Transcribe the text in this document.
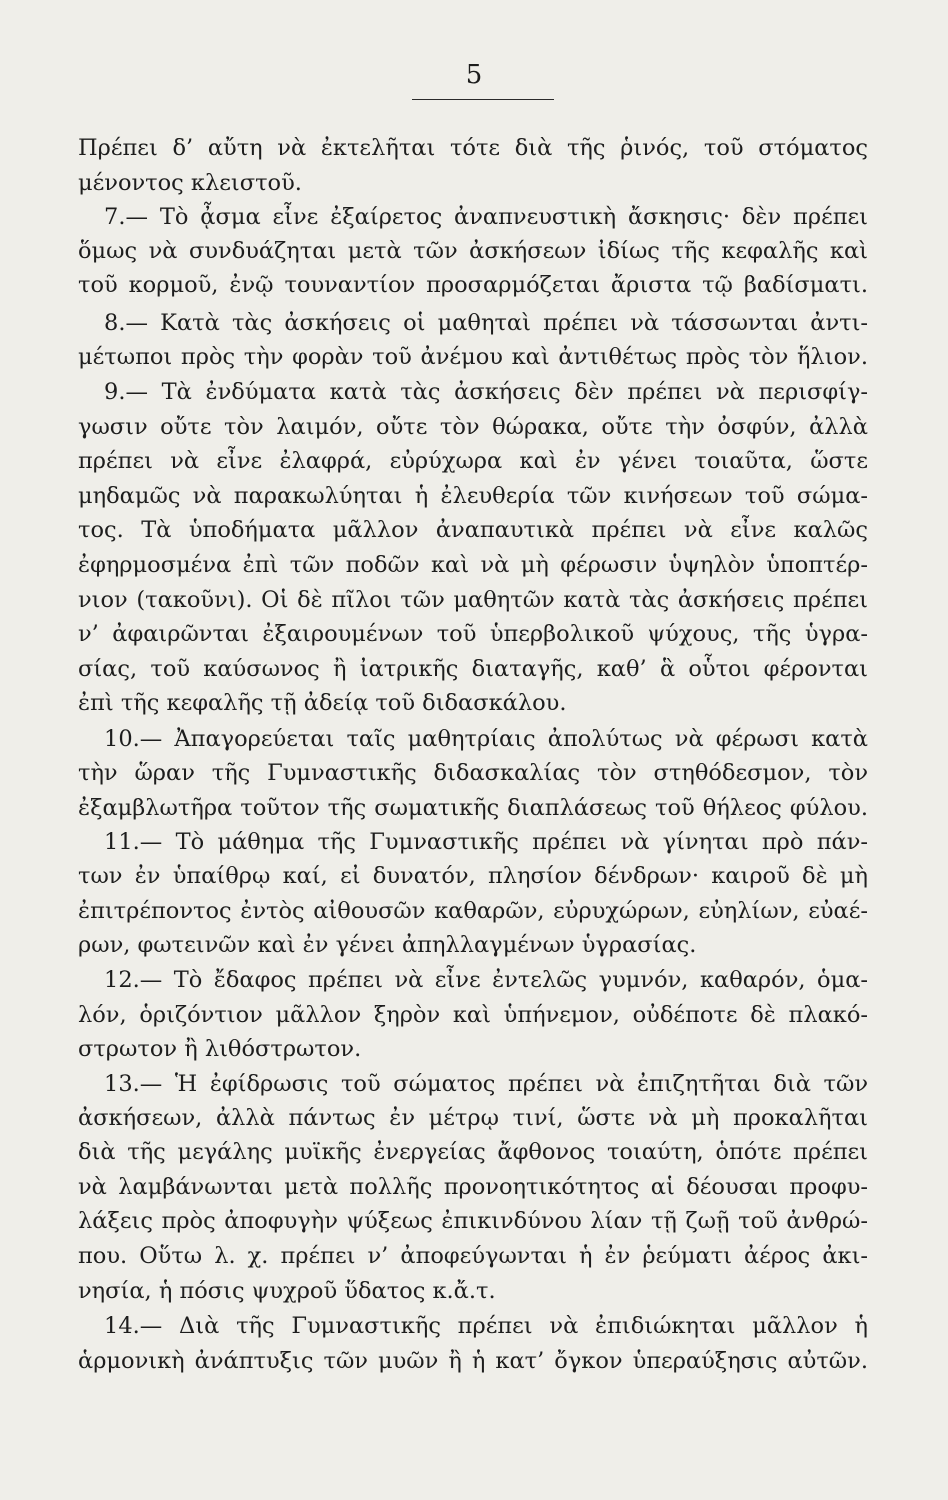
5
Πρέπει δ’ αὔτη νὰ ἐκτελῆται τότε διὰ τῆς ῥινός, τοῦ στόματος
μένοντος κλειστοῦ.
7.— Τὸ ᾆσμα εἶνε ἐξαίρετος ἀναπνευστικὴ ἄσκησις· δὲν πρέπει
ὅμως νὰ συνδυάζηται μετὰ τῶν ἀσκήσεων ἰδίως τῆς κεφαλῆς καὶ
τοῦ κορμοῦ, ἐνῷ τουναντίον προσαρμόζεται ἄριστα τῷ βαδίσματι.
8.— Κατὰ τὰς ἀσκήσεις οἱ μαθηταὶ πρέπει νὰ τάσσωνται ἀντι-
μέτωποι πρὸς τὴν φορὰν τοῦ ἀνέμου καὶ ἀντιθέτως πρὸς τὸν ἥλιον.
9.— Τὰ ἐνδύματα κατὰ τὰς ἀσκήσεις δὲν πρέπει νὰ περισφίγ-
γωσιν οὔτε τὸν λαιμόν, οὔτε τὸν θώρακα, οὔτε τὴν ὀσφύν, ἀλλὰ
πρέπει νὰ εἶνε ἐλαφρά, εὐρύχωρα καὶ ἐν γένει τοιαῦτα, ὥστε
μηδαμῶς νὰ παρακωλύηται ἡ ἐλευθερία τῶν κινήσεων τοῦ σώμα-
τος. Τὰ ὑποδήματα μᾶλλον ἀναπαυτικὰ πρέπει νὰ εἶνε καλῶς
ἐφηρμοσμένα ἐπὶ τῶν ποδῶν καὶ νὰ μὴ φέρωσιν ὑψηλὸν ὑποπτέρ-
νιον (τακοῦνι). Οἱ δὲ πῖλοι τῶν μαθητῶν κατὰ τὰς ἀσκήσεις πρέπει
ν’ ἀφαιρῶνται ἐξαιρουμένων τοῦ ὑπερβολικοῦ ψύχους, τῆς ὑγρα-
σίας, τοῦ καύσωνος ἢ ἰατρικῆς διαταγῆς, καθ’ ἃ οὗτοι φέρονται
ἐπὶ τῆς κεφαλῆς τῇ ἀδείᾳ τοῦ διδασκάλου.
10.— Ἀπαγορεύεται ταῖς μαθητρίαις ἀπολύτως νὰ φέρωσι κατὰ
τὴν ὥραν τῆς Γυμναστικῆς διδασκαλίας τὸν στηθόδεσμον, τὸν
ἐξαμβλωτῆρα τοῦτον τῆς σωματικῆς διαπλάσεως τοῦ θήλεος φύλου.
11.— Τὸ μάθημα τῆς Γυμναστικῆς πρέπει νὰ γίνηται πρὸ πάν-
των ἐν ὑπαίθρῳ καί, εἰ δυνατόν, πλησίον δένδρων· καιροῦ δὲ μὴ
ἐπιτρέποντος ἐντὸς αἰθουσῶν καθαρῶν, εὐρυχώρων, εὐηλίων, εὐαέ-
ρων, φωτεινῶν καὶ ἐν γένει ἀπηλλαγμένων ὑγρασίας.
12.— Τὸ ἔδαφος πρέπει νὰ εἶνε ἐντελῶς γυμνόν, καθαρόν, ὁμα-
λόν, ὁριζόντιον μᾶλλον ξηρὸν καὶ ὑπήνεμον, οὐδέποτε δὲ πλακό-
στρωτον ἢ λιθόστρωτον.
13.— Ἡ ἐφίδρωσις τοῦ σώματος πρέπει νὰ ἐπιζητῆται διὰ τῶν
ἀσκήσεων, ἀλλὰ πάντως ἐν μέτρῳ τινί, ὥστε νὰ μὴ προκαλῆται
διὰ τῆς μεγάλης μυϊκῆς ἐνεργείας ἄφθονος τοιαύτη, ὁπότε πρέπει
νὰ λαμβάνωνται μετὰ πολλῆς προνοητικότητος αἱ δέουσαι προφυ-
λάξεις πρὸς ἀποφυγὴν ψύξεως ἐπικινδύνου λίαν τῇ ζωῇ τοῦ ἀνθρώ-
που. Οὕτω λ. χ. πρέπει ν’ ἀποφεύγωνται ἡ ἐν ῥεύματι ἀέρος ἀκι-
νησία, ἡ πόσις ψυχροῦ ὕδατος κ.ἄ.τ.
14.— Διὰ τῆς Γυμναστικῆς πρέπει νὰ ἐπιδιώκηται μᾶλλον ἡ
ἁρμονικὴ ἀνάπτυξις τῶν μυῶν ἢ ἡ κατ’ ὄγκον ὑπεραύξησις αὐτῶν.
